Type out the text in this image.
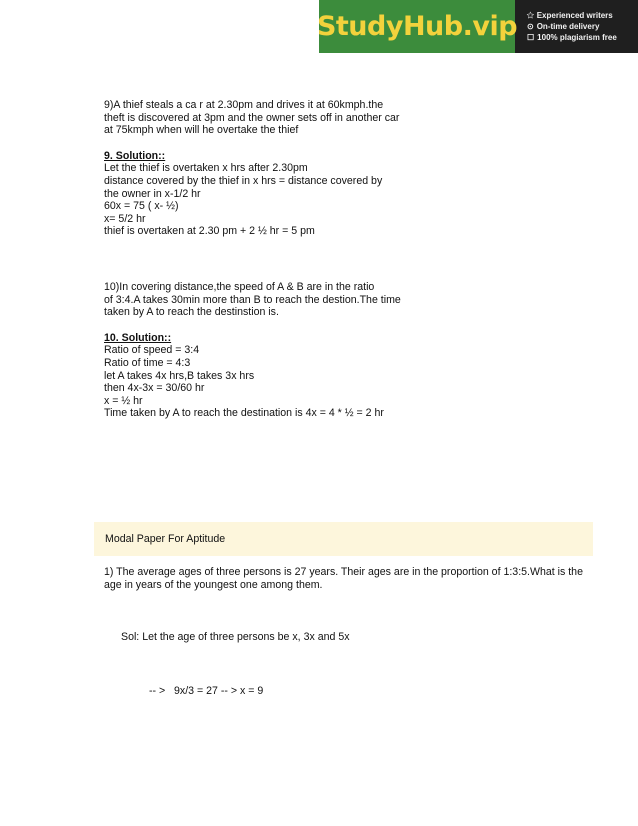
StudyHub.vip ✩ Experienced writers
⊙ On-time delivery
☐ 100% plagiarism free
9)A thief steals a ca r at 2.30pm and drives it at 60kmph.the
theft is discovered at 3pm and the owner sets off in another car
at 75kmph when will he overtake the thief
9. Solution::
Let the thief is overtaken x hrs after 2.30pm
distance covered by the thief in x hrs = distance covered by
the owner in x-1/2 hr
60x = 75 ( x- ½)
x= 5/2 hr
thief is overtaken at 2.30 pm + 2 ½ hr = 5 pm
10)In covering distance,the speed of A & B are in the ratio
of 3:4.A takes 30min more than B to reach the destion.The time
taken by A to reach the destinstion is.
10. Solution::
Ratio of speed = 3:4
Ratio of time = 4:3
let A takes 4x hrs,B takes 3x hrs
then 4x-3x = 30/60 hr
x = ½ hr
Time taken by A to reach the destination is 4x = 4 * ½ = 2 hr
Modal Paper For Aptitude
1) The average ages of three persons is 27 years. Their ages are in the proportion of 1:3:5.What is the
age in years of the youngest one among them.
Sol: Let the age of three persons be x, 3x and 5x
-- >   9x/3 = 27 -- > x = 9
